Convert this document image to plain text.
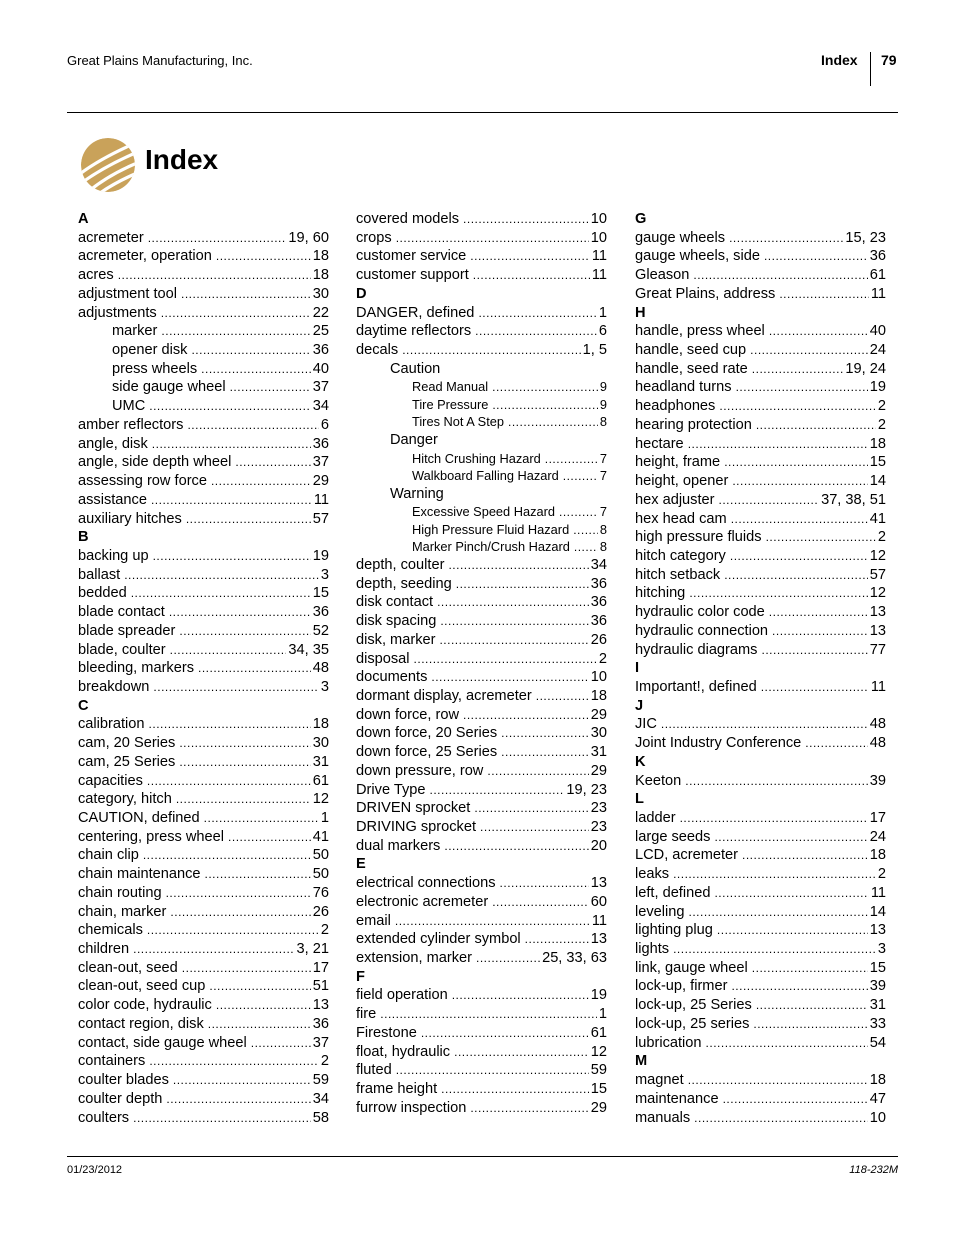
Great Plains Manufacturing, Inc.	Index 79
Index
A
acremeter .....	19, 60
acremeter, operation .....	18
acres .....	18
adjustment tool .....	30
adjustments .....	22
marker .....	25
opener disk .....	36
press wheels .....	40
side gauge wheel .....	37
UMC .....	34
amber reflectors .....	6
angle, disk .....	36
angle, side depth wheel .....	37
assessing row force .....	29
assistance .....	11
auxiliary hitches .....	57
B
backing up .....	19
ballast .....	3
bedded .....	15
blade contact .....	36
blade spreader .....	52
blade, coulter .....	34, 35
bleeding, markers .....	48
breakdown .....	3
C
calibration .....	18
cam, 20 Series .....	30
cam, 25 Series .....	31
capacities .....	61
category, hitch .....	12
CAUTION, defined .....	1
centering, press wheel .....	41
chain clip .....	50
chain maintenance .....	50
chain routing .....	76
chain, marker .....	26
chemicals .....	2
children .....	3, 21
clean-out, seed .....	17
clean-out, seed cup .....	51
color code, hydraulic .....	13
contact region, disk .....	36
contact, side gauge wheel .....	37
containers .....	2
coulter blades .....	59
coulter depth .....	34
coulters .....	58
covered models .....	10
crops .....	10
customer service .....	11
customer support .....	11
D
DANGER, defined .....	1
daytime reflectors .....	6
decals .....	1, 5
Caution
Read Manual .....	9
Tire Pressure .....	9
Tires Not A Step .....	8
Danger
Hitch Crushing Hazard .....	7
Walkboard Falling Hazard .....	7
Warning
Excessive Speed Hazard .....	7
High Pressure Fluid Hazard .....	8
Marker Pinch/Crush Hazard .....	8
depth, coulter .....	34
depth, seeding .....	36
disk contact .....	36
disk spacing .....	36
disk, marker .....	26
disposal .....	2
documents .....	10
dormant display, acremeter .....	18
down force, row .....	29
down force, 20 Series .....	30
down force, 25 Series .....	31
down pressure, row .....	29
Drive Type .....	19, 23
DRIVEN sprocket .....	23
DRIVING sprocket .....	23
dual markers .....	20
E
electrical connections .....	13
electronic acremeter .....	60
email .....	11
extended cylinder symbol .....	13
extension, marker .....	25, 33, 63
F
field operation .....	19
fire .....	1
Firestone .....	61
float, hydraulic .....	12
fluted .....	59
frame height .....	15
furrow inspection .....	29
G
gauge wheels .....	15, 23
gauge wheels, side .....	36
Gleason .....	61
Great Plains, address .....	11
H
handle, press wheel .....	40
handle, seed cup .....	24
handle, seed rate .....	19, 24
headland turns .....	19
headphones .....	2
hearing protection .....	2
hectare .....	18
height, frame .....	15
height, opener .....	14
hex adjuster .....	37, 38, 51
hex head cam .....	41
high pressure fluids .....	2
hitch category .....	12
hitch setback .....	57
hitching .....	12
hydraulic color code .....	13
hydraulic connection .....	13
hydraulic diagrams .....	77
I
Important!, defined .....	11
J
JIC .....	48
Joint Industry Conference .....	48
K
Keeton .....	39
L
ladder .....	17
large seeds .....	24
LCD, acremeter .....	18
leaks .....	2
left, defined .....	11
leveling .....	14
lighting plug .....	13
lights .....	3
link, gauge wheel .....	15
lock-up, firmer .....	39
lock-up, 25 Series .....	31
lock-up, 25 series .....	33
lubrication .....	54
M
magnet .....	18
maintenance .....	47
manuals .....	10
01/23/2012	118-232M
